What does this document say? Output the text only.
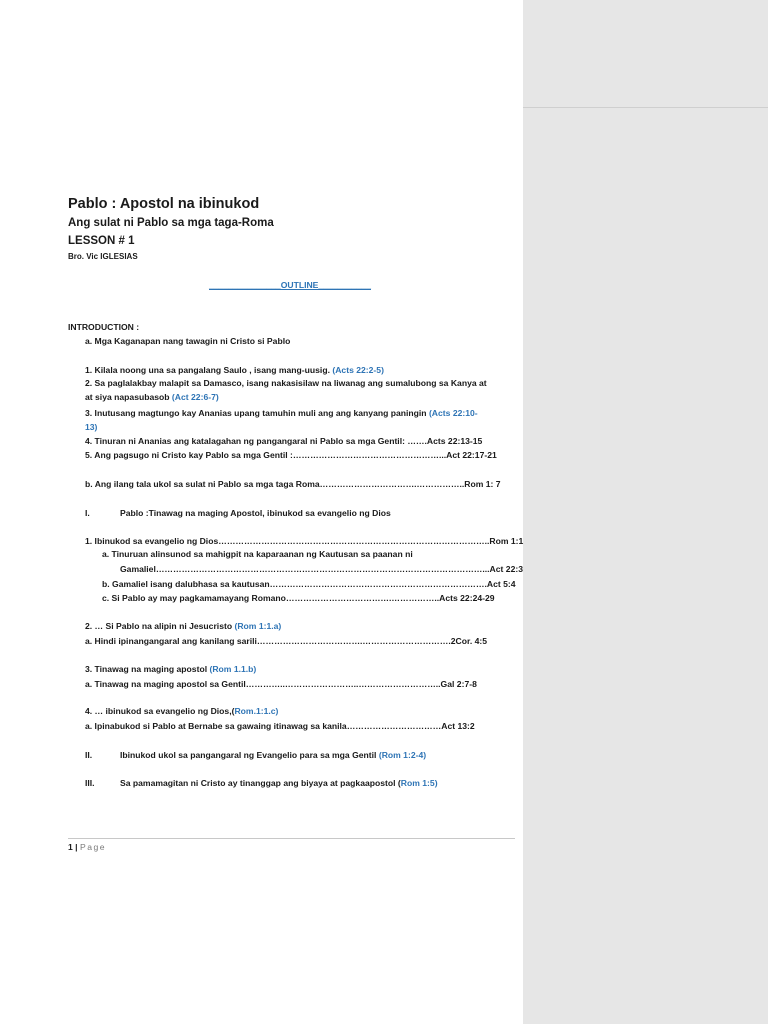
Pablo : Apostol na ibinukod
Ang sulat ni Pablo sa mga taga-Roma
LESSON # 1
Bro. Vic IGLESIAS
_______________OUTLINE___________
INTRODUCTION :
a. Mga Kaganapan nang tawagin ni Cristo si Pablo
1. Kilala noong una sa pangalang Saulo , isang mang-uusig. (Acts 22:2-5)
2. Sa paglalakbay malapit sa Damasco, isang nakasisilaw na liwanag ang sumalubong sa Kanya at
at siya napasubasob (Act 22:6-7)
3. Inutusang magtungo kay Ananias upang tamuhin muli ang ang kanyang paningin (Acts 22:10-
13)
4. Tinuran ni Ananias ang katalagahan ng pangangaral ni Pablo sa mga Gentil: …….Acts 22:13-15
5. Ang pagsugo ni Cristo kay Pablo sa mga Gentil :……………………………………………...Act 22:17-21
b. Ang ilang tala ukol sa sulat ni Pablo sa mga taga Roma…………………………….……………..Rom 1: 7
I.	Pablo :Tinawag na maging Apostol, ibinukod sa evangelio ng Dios
1. Ibinukod sa evangelio ng Dios…………………………………………………………………………………..Rom 1:1
a. Tinuruan alinsunod sa mahigpit na kaparaanan ng Kautusan sa paanan ni
Gamaliel……………………………………………………………………………………………………...Act 22:3
b. Gamaliel isang dalubhasa sa kautusan………………………………………………………………….Act 5:4
c. Si Pablo ay may pagkamamayang Romano……………………………….……………..Acts 22:24-29
2. … Si Pablo na alipin ni Jesucristo (Rom 1:1.a)
a. Hindi ipinangangaral ang kanilang sarili……………………………….………………………….2Cor. 4:5
3. Tinawag na maging apostol (Rom 1.1.b)
a. Tinawag na maging apostol sa Gentil…………..……………………..………………………..Gal 2:7-8
4. … ibinukod sa evangelio ng Dios,(Rom.1:1.c)
a. Ipinabukod si Pablo at Bernabe sa gawaing itinawag sa kanila……………………………Act 13:2
II.	Ibinukod ukol sa pangangaral ng Evangelio para sa mga Gentil (Rom 1:2-4)
III.	Sa pamamagitan ni Cristo ay tinanggap ang biyaya at pagkaapostol (Rom 1:5)
1 | Page
